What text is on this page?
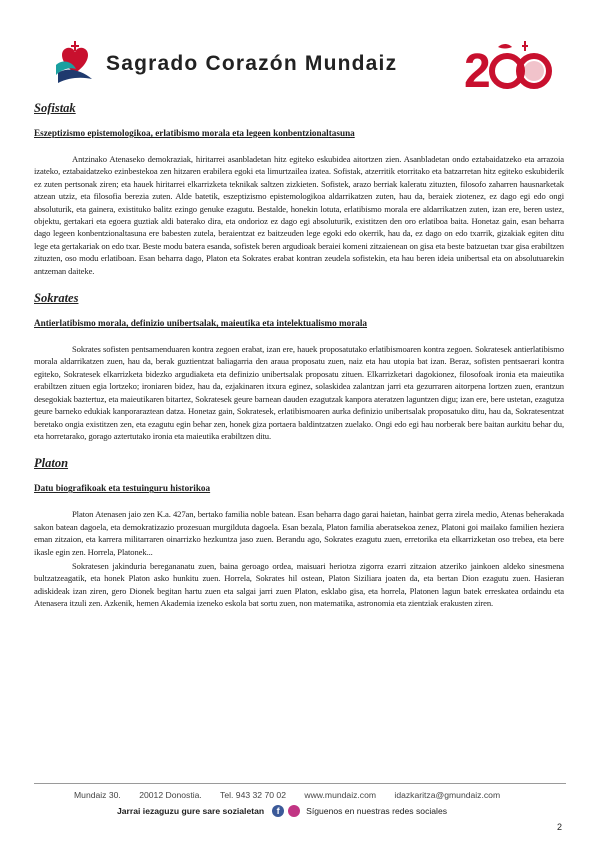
Sagrado Corazón Mundaiz 2
Sofistak
Eszeptizismo epistemologikoa, erlatibismo morala eta legeen konbentzionaltasuna

Antzinako Atenaseko demokraziak, hiritarrei asanbladetan hitz egiteko eskubidea aitortzen zien. Asanbladetan ondo eztabaidatzeko eta arrazoia izateko, eztabaidatzeko ezinbestekoa zen hitzaren erabilera egoki eta limurtzailea izatea. Sofistak, atzerritik etorritako eta batzarretan hitz egiteko eskubiderik ez zuten pertsonak ziren; eta hauek hiritarrei elkarrizketa teknikak saltzen zizkieten. Sofistek, arazo berriak kaleratu zituzten, filosofo zaharren hausnarketak atzean utziz, eta filosofia berezia zuten. Alde batetik, eszeptizismo epistemologikoa aldarrikatzen zuten, hau da, beraiek ziotenez, ez dago egi edo ongi absoluturik, eta gainera, existituko balitz ezingo genuke ezagutu. Bestalde, honekin lotuta, erlatibismo morala ere aldarrikatzen zuten, izan ere, beren ustez, objektu, gertakari eta egoera guztiak aldi baterako dira, eta ondorioz ez dago egi absoluturik, existitzen den oro erlatiboa baita. Honetaz gain, esan beharra dago legeen konbentzionaltasuna ere babesten zutela, beraientzat ez baitzeuden lege egoki edo okerrik, hau da, ez dago on edo txarrik, gizakiak egiten ditu lege eta gertakariak on edo txar. Beste modu batera esanda, sofistek beren argudioak beraiei komeni zitzaienean on gisa eta beste batzuetan txar gisa erabiltzen zituzten, oso modu erlatiboan. Esan beharra dago, Platon eta Sokrates erabat kontran zeudela sofistekin, eta hau beren ideia unibertsal eta on absolutuarekin antzeman daiteke.

Sokrates
Antierlatibismo morala, definizio unibertsalak, maieutika eta intelektualismo morala

Sokrates sofisten pentsamenduaren kontra zegoen erabat, izan ere, hauek proposatutako erlatibismoaren kontra zegoen. Sokratesek antierlatibismo morala aldarrikatzen zuen, hau da, berak guztientzat baliagarria den araua proposatu zuen, naiz eta hau utopia bat izan. Beraz, sofisten pentsaerari kontra egiteko, Sokratesek elkarrizketa bidezko argudiaketa eta definizio unibertsalak proposatu zituen. Elkarrizketari dagokionez, filosofoak ironia eta maieutika erabiltzen zituen egia lortzeko; ironiaren bidez, hau da, ezjakinaren itxura eginez, solaskidea zalantzan jarri eta gezurraren aitorpena lortzen zuen, erantzun desegokiak baztertuz, eta maieutikaren bitartez, Sokratesek geure barnean dauden ezagutzak kanpora ateratzen laguntzen digu; izan ere, bere ustetan, ezagutza geure barneko edukiak kanporaraztean datza. Honetaz gain, Sokratesek, erlatibismoaren aurka definizio unibertsalak proposatuko ditu, hau da, Sokratesentzat beretako ongia existitzen zen, eta ezagutu egin behar zen, honek giza portaera baldintzatzen zuelako. Ongi edo egi hau norberak bere baitan aurkitu behar du, eta horretarako, gorago aztertutako ironia eta maieutika erabiltzen ditu.

Platon
Datu biografikoak eta testuinguru historikoa

Platon Atenasen jaio zen K.a. 427an, bertako familia noble batean. Esan beharra dago garai haietan, hainbat gerra zirela medio, Atenas beherakada sakon batean dagoela, eta demokratizazio prozesuan murgilduta dagoela. Esan bezala, Platon familia aberatsekoa zenez, Platoni goi mailako familien heziera eman zitzaion, eta karrera militarraren oinarrizko hezkuntza jaso zuen. Berandu ago, Sokrates ezagutu zuen, erretorika eta elkarrizketan oso trebea, eta bere ikasle egin zen. Horrela, Platonek...

Sokratesen jakinduria beregananatu zuen, baina geroago ordea, maisuari heriotza zigorra ezarri zitzaion atzeriko jainkoen aldeko sinesmena bultzatzeagatik, eta honek Platon asko hunkitu zuen. Horrela, Sokrates hil ostean, Platon Siziliara joaten da, eta bertan Dion ezagutu zuen. Hasieran adiskideak izan ziren, gero Dionek begitan hartu zuen eta salgai jarri zuen Platon, esklabo gisa, eta horrela, Platonen lagun batek erreskatea ordaindu eta Atenasera itzuli zen. Azkenik, hemen Akademia izeneko eskola bat sortu zuen, non matematika, astronomia eta zientziak erakusten ziren.

Mundaiz 30. 20012 Donostia. Tel. 943 32 70 02 www.mundaiz.com idazkaritza@gmundaiz.com
Jarrai iezaguzu gure sare sozialetan	f	Síguenos en nuestras redes sociales
2
